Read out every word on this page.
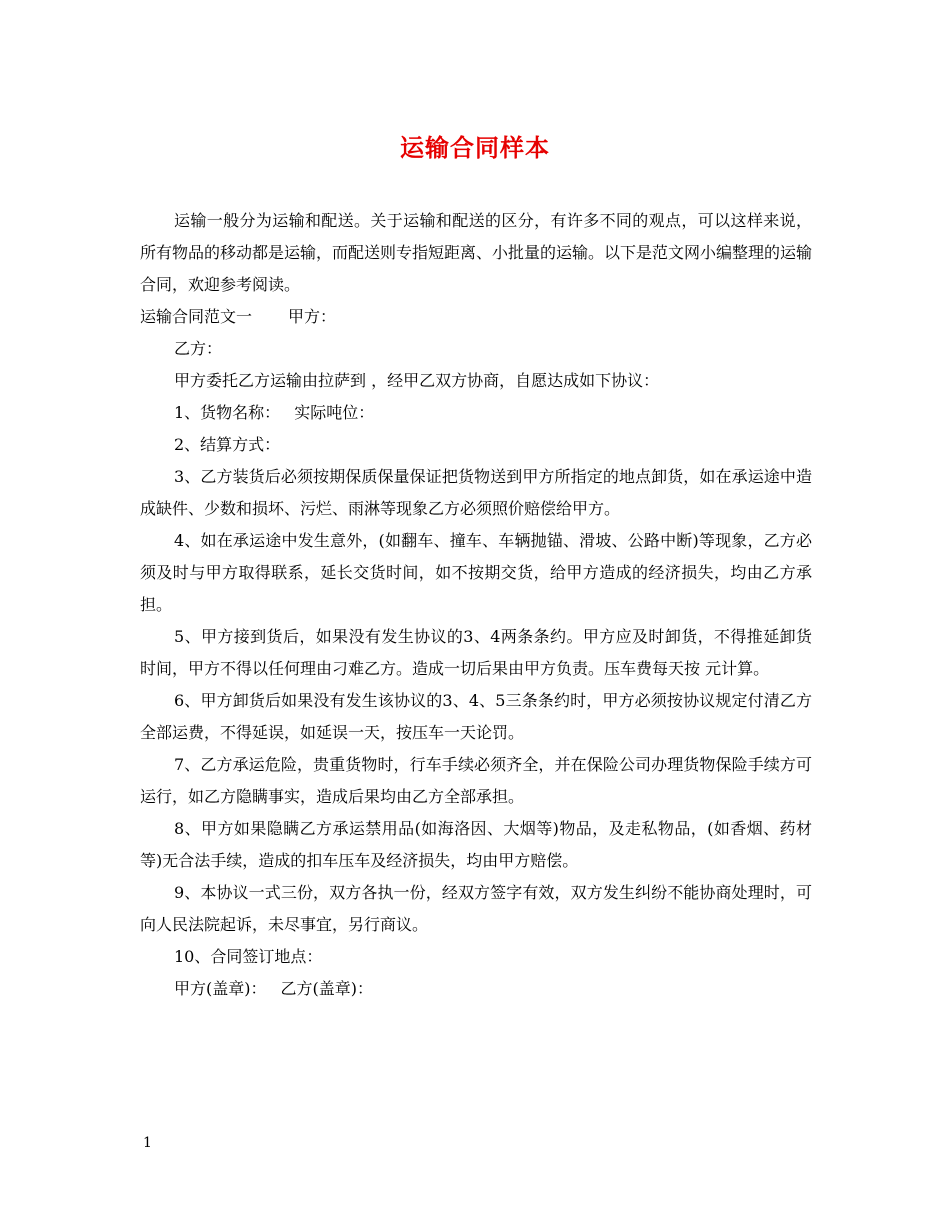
运输合同样本

运输一般分为运输和配送。关于运输和配送的区分，有许多不同的观点，可以这样来说，所有物品的移动都是运输，而配送则专指短距离、小批量的运输。以下是范文网小编整理的运输合同，欢迎参考阅读。

运输合同范文一 甲方：

乙方：

甲方委托乙方运输由拉萨到 ，经甲乙双方协商，自愿达成如下协议：

1、货物名称： 实际吨位：

2、结算方式：

3、乙方装货后必须按期保质保量保证把货物送到甲方所指定的地点卸货，如在承运途中造成缺件、少数和损坏、污烂、雨淋等现象乙方必须照价赔偿给甲方。

4、如在承运途中发生意外，(如翻车、撞车、车辆抛锚、滑坡、公路中断)等现象，乙方必须及时与甲方取得联系，延长交货时间，如不按期交货，给甲方造成的经济损失，均由乙方承担。

5、甲方接到货后，如果没有发生协议的3、4两条条约。甲方应及时卸货，不得推延卸货时间，甲方不得以任何理由刁难乙方。造成一切后果由甲方负责。压车费每天按 元计算。

6、甲方卸货后如果没有发生该协议的3、4、5三条条约时，甲方必须按协议规定付清乙方全部运费，不得延误，如延误一天，按压车一天论罚。

7、乙方承运危险，贵重货物时，行车手续必须齐全，并在保险公司办理货物保险手续方可运行，如乙方隐瞒事实，造成后果均由乙方全部承担。

8、甲方如果隐瞒乙方承运禁用品(如海洛因、大烟等)物品，及走私物品，(如香烟、药材等)无合法手续，造成的扣车压车及经济损失，均由甲方赔偿。

9、本协议一式三份，双方各执一份，经双方签字有效，双方发生纠纷不能协商处理时，可向人民法院起诉，未尽事宜，另行商议。

10、合同签订地点：

甲方(盖章)： 乙方(盖章)：

1
